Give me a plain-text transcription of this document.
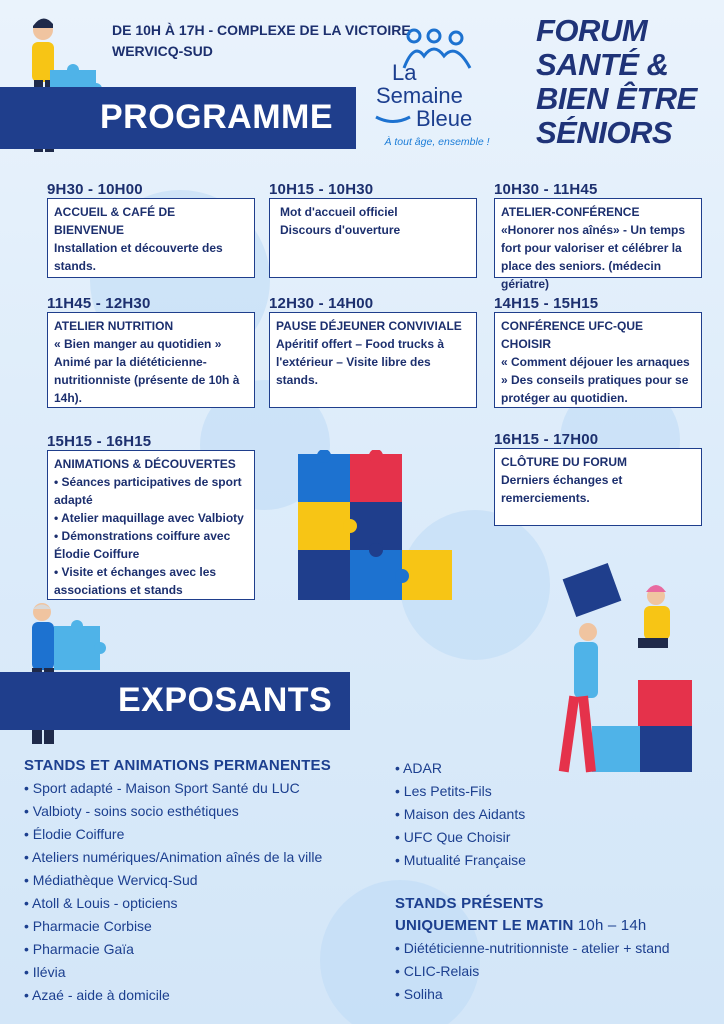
DE 10H À 17H - COMPLEXE DE LA VICTOIRE
WERVICQ-SUD
PROGRAMME
La
Semaine
Bleue
À tout âge, ensemble !
FORUM
SANTÉ &
BIEN ÊTRE
SÉNIORS
9H30 - 10H00
ACCUEIL & CAFÉ DE BIENVENUE
Installation et découverte des stands.
10H15 - 10H30
Mot d'accueil officiel
Discours d'ouverture
10H30 - 11H45
ATELIER-CONFÉRENCE
«Honorer nos aînés» - Un temps fort pour valoriser et célébrer la place des seniors. (médecin gériatre)
11H45 - 12H30
ATELIER NUTRITION
« Bien manger au quotidien » Animé par la diététicienne-nutritionniste (présente de 10h à 14h).
12H30 - 14H00
PAUSE DÉJEUNER CONVIVIALE
Apéritif offert – Food trucks à l'extérieur – Visite libre des stands.
14H15 - 15H15
CONFÉRENCE UFC-QUE CHOISIR
« Comment déjouer les arnaques » Des conseils pratiques pour se protéger au quotidien.
15H15 - 16H15
ANIMATIONS & DÉCOUVERTES
• Séances participatives de sport adapté
• Atelier maquillage avec Valbioty
• Démonstrations coiffure avec Élodie Coiffure
• Visite et échanges avec les associations et stands
16H15 - 17H00
CLÔTURE DU FORUM
Derniers échanges et remerciements.
EXPOSANTS
STANDS ET ANIMATIONS PERMANENTES
• Sport adapté - Maison Sport Santé du LUC
• Valbioty - soins socio esthétiques
• Élodie Coiffure
• Ateliers numériques/Animation aînés de la ville
• Médiathèque Wervicq-Sud
• Atoll & Louis - opticiens
• Pharmacie Corbise
• Pharmacie Gaïa
• Ilévia
• Azaé - aide à domicile
• ADAR
• Les Petits-Fils
• Maison des Aidants
• UFC Que Choisir
• Mutualité Française
STANDS PRÉSENTS
UNIQUEMENT LE MATIN 10h – 14h
• Diététicienne-nutritionniste - atelier + stand
• CLIC-Relais
• Soliha
